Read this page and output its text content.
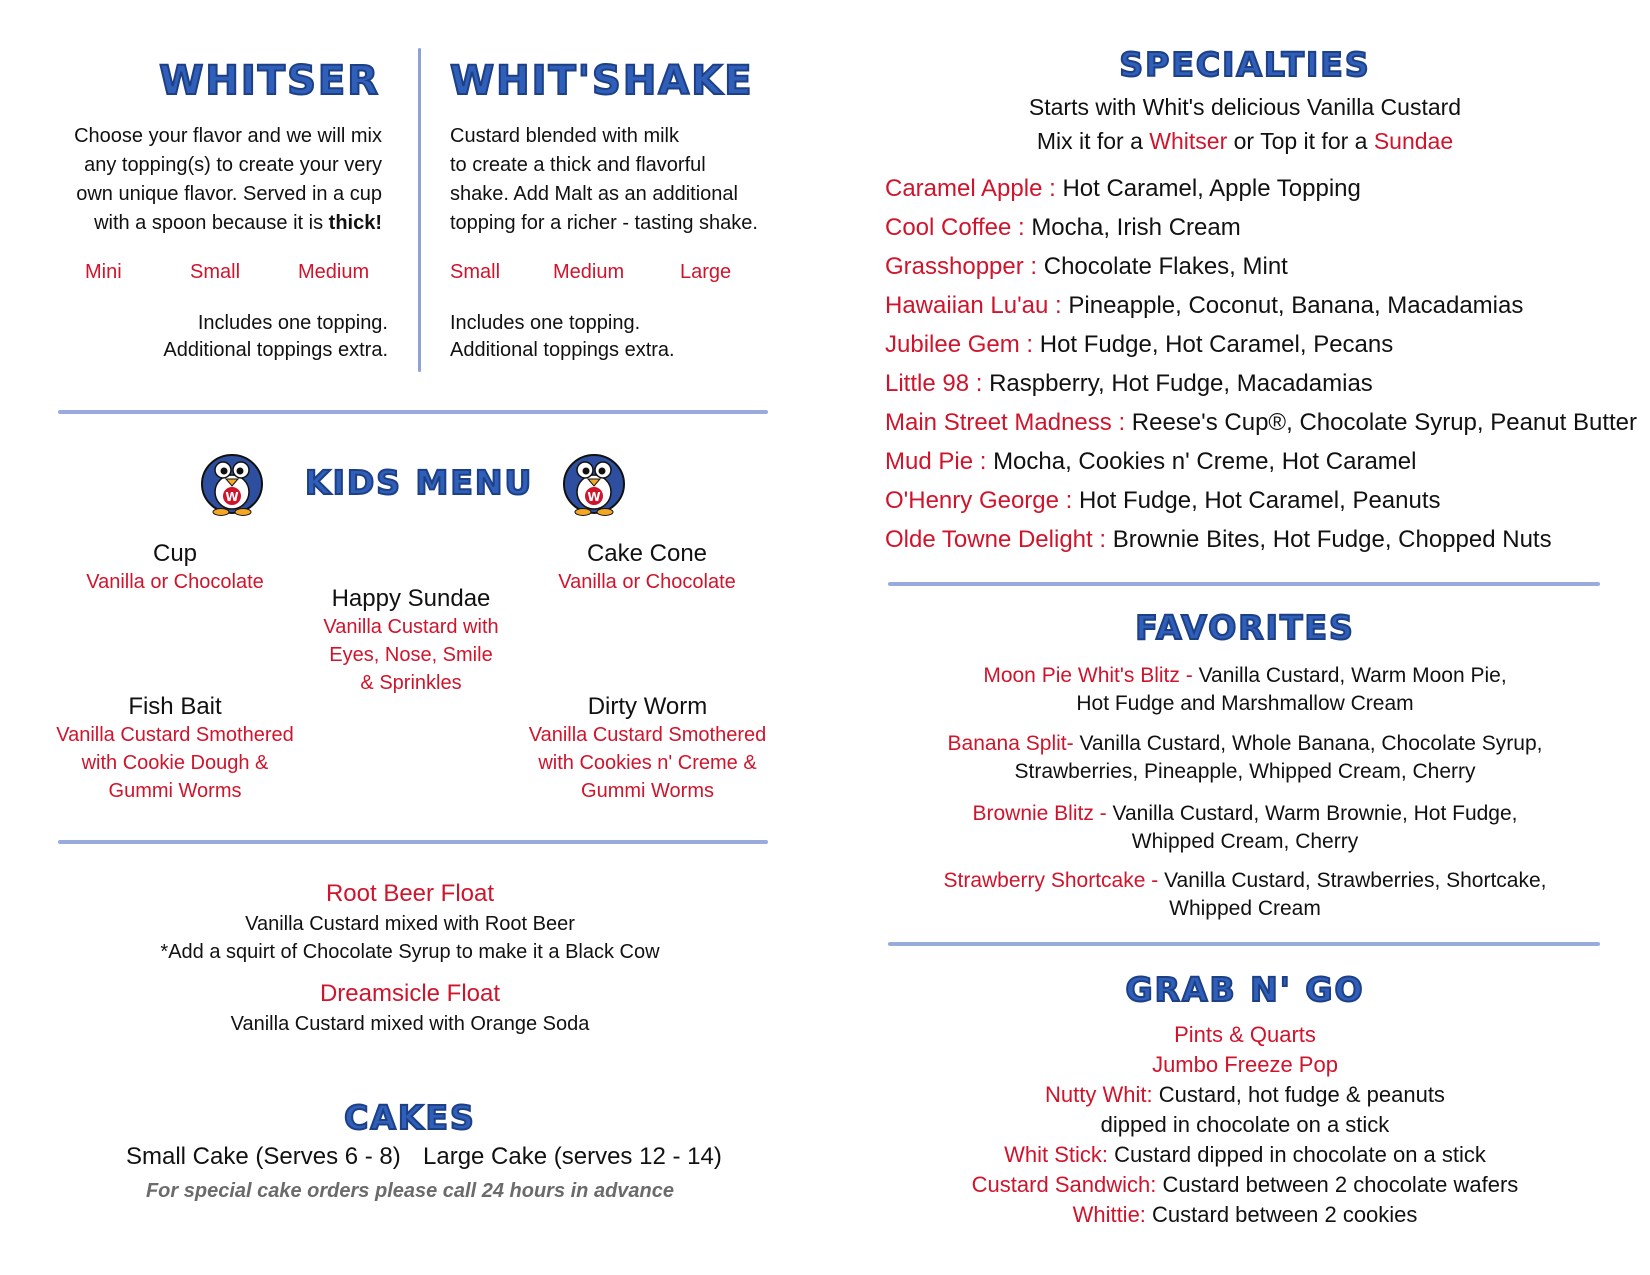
WHITSER
Choose your flavor and we will mix
any topping(s) to create your very
own unique flavor. Served in a cup
with a spoon because it is thick!
Mini	Small	Medium
Includes one topping.
Additional toppings extra.
WHIT'SHAKE
Custard blended with milk
to create a thick and flavorful
shake. Add Malt as an additional
topping for a richer - tasting shake.
Small	Medium	Large
Includes one topping.
Additional toppings extra.
W KIDS MENU	W
Cup
Vanilla or Chocolate
Cake Cone
Vanilla or Chocolate
Happy Sundae
Vanilla Custard with
Eyes, Nose, Smile
& Sprinkles
Fish Bait
Vanilla Custard Smothered
with Cookie Dough &
Gummi Worms
Dirty Worm
Vanilla Custard Smothered
with Cookies n' Creme &
Gummi Worms
Root Beer Float
Vanilla Custard mixed with Root Beer
*Add a squirt of Chocolate Syrup to make it a Black Cow
Dreamsicle Float
Vanilla Custard mixed with Orange Soda
CAKES
Small Cake (Serves 6 - 8) Large Cake (serves 12 - 14)
For special cake orders please call 24 hours in advance
SPECIALTIES
Starts with Whit's delicious Vanilla Custard
Mix it for a Whitser or Top it for a Sundae
Caramel Apple : Hot Caramel, Apple Topping
Cool Coffee : Mocha, Irish Cream
Grasshopper : Chocolate Flakes, Mint
Hawaiian Lu'au : Pineapple, Coconut, Banana, Macadamias
Jubilee Gem : Hot Fudge, Hot Caramel, Pecans
Little 98 : Raspberry, Hot Fudge, Macadamias
Main Street Madness : Reese's Cup®, Chocolate Syrup, Peanut Butter
Mud Pie : Mocha, Cookies n' Creme, Hot Caramel
O'Henry George : Hot Fudge, Hot Caramel, Peanuts
Olde Towne Delight : Brownie Bites, Hot Fudge, Chopped Nuts
FAVORITES
Moon Pie Whit's Blitz - Vanilla Custard, Warm Moon Pie,
Hot Fudge and Marshmallow Cream
Banana Split- Vanilla Custard, Whole Banana, Chocolate Syrup,
Strawberries, Pineapple, Whipped Cream, Cherry
Brownie Blitz - Vanilla Custard, Warm Brownie, Hot Fudge,
Whipped Cream, Cherry
Strawberry Shortcake - Vanilla Custard, Strawberries, Shortcake,
Whipped Cream
GRAB N' GO
Pints & Quarts
Jumbo Freeze Pop
Nutty Whit: Custard, hot fudge & peanuts
dipped in chocolate on a stick
Whit Stick: Custard dipped in chocolate on a stick
Custard Sandwich: Custard between 2 chocolate wafers
Whittie: Custard between 2 cookies
